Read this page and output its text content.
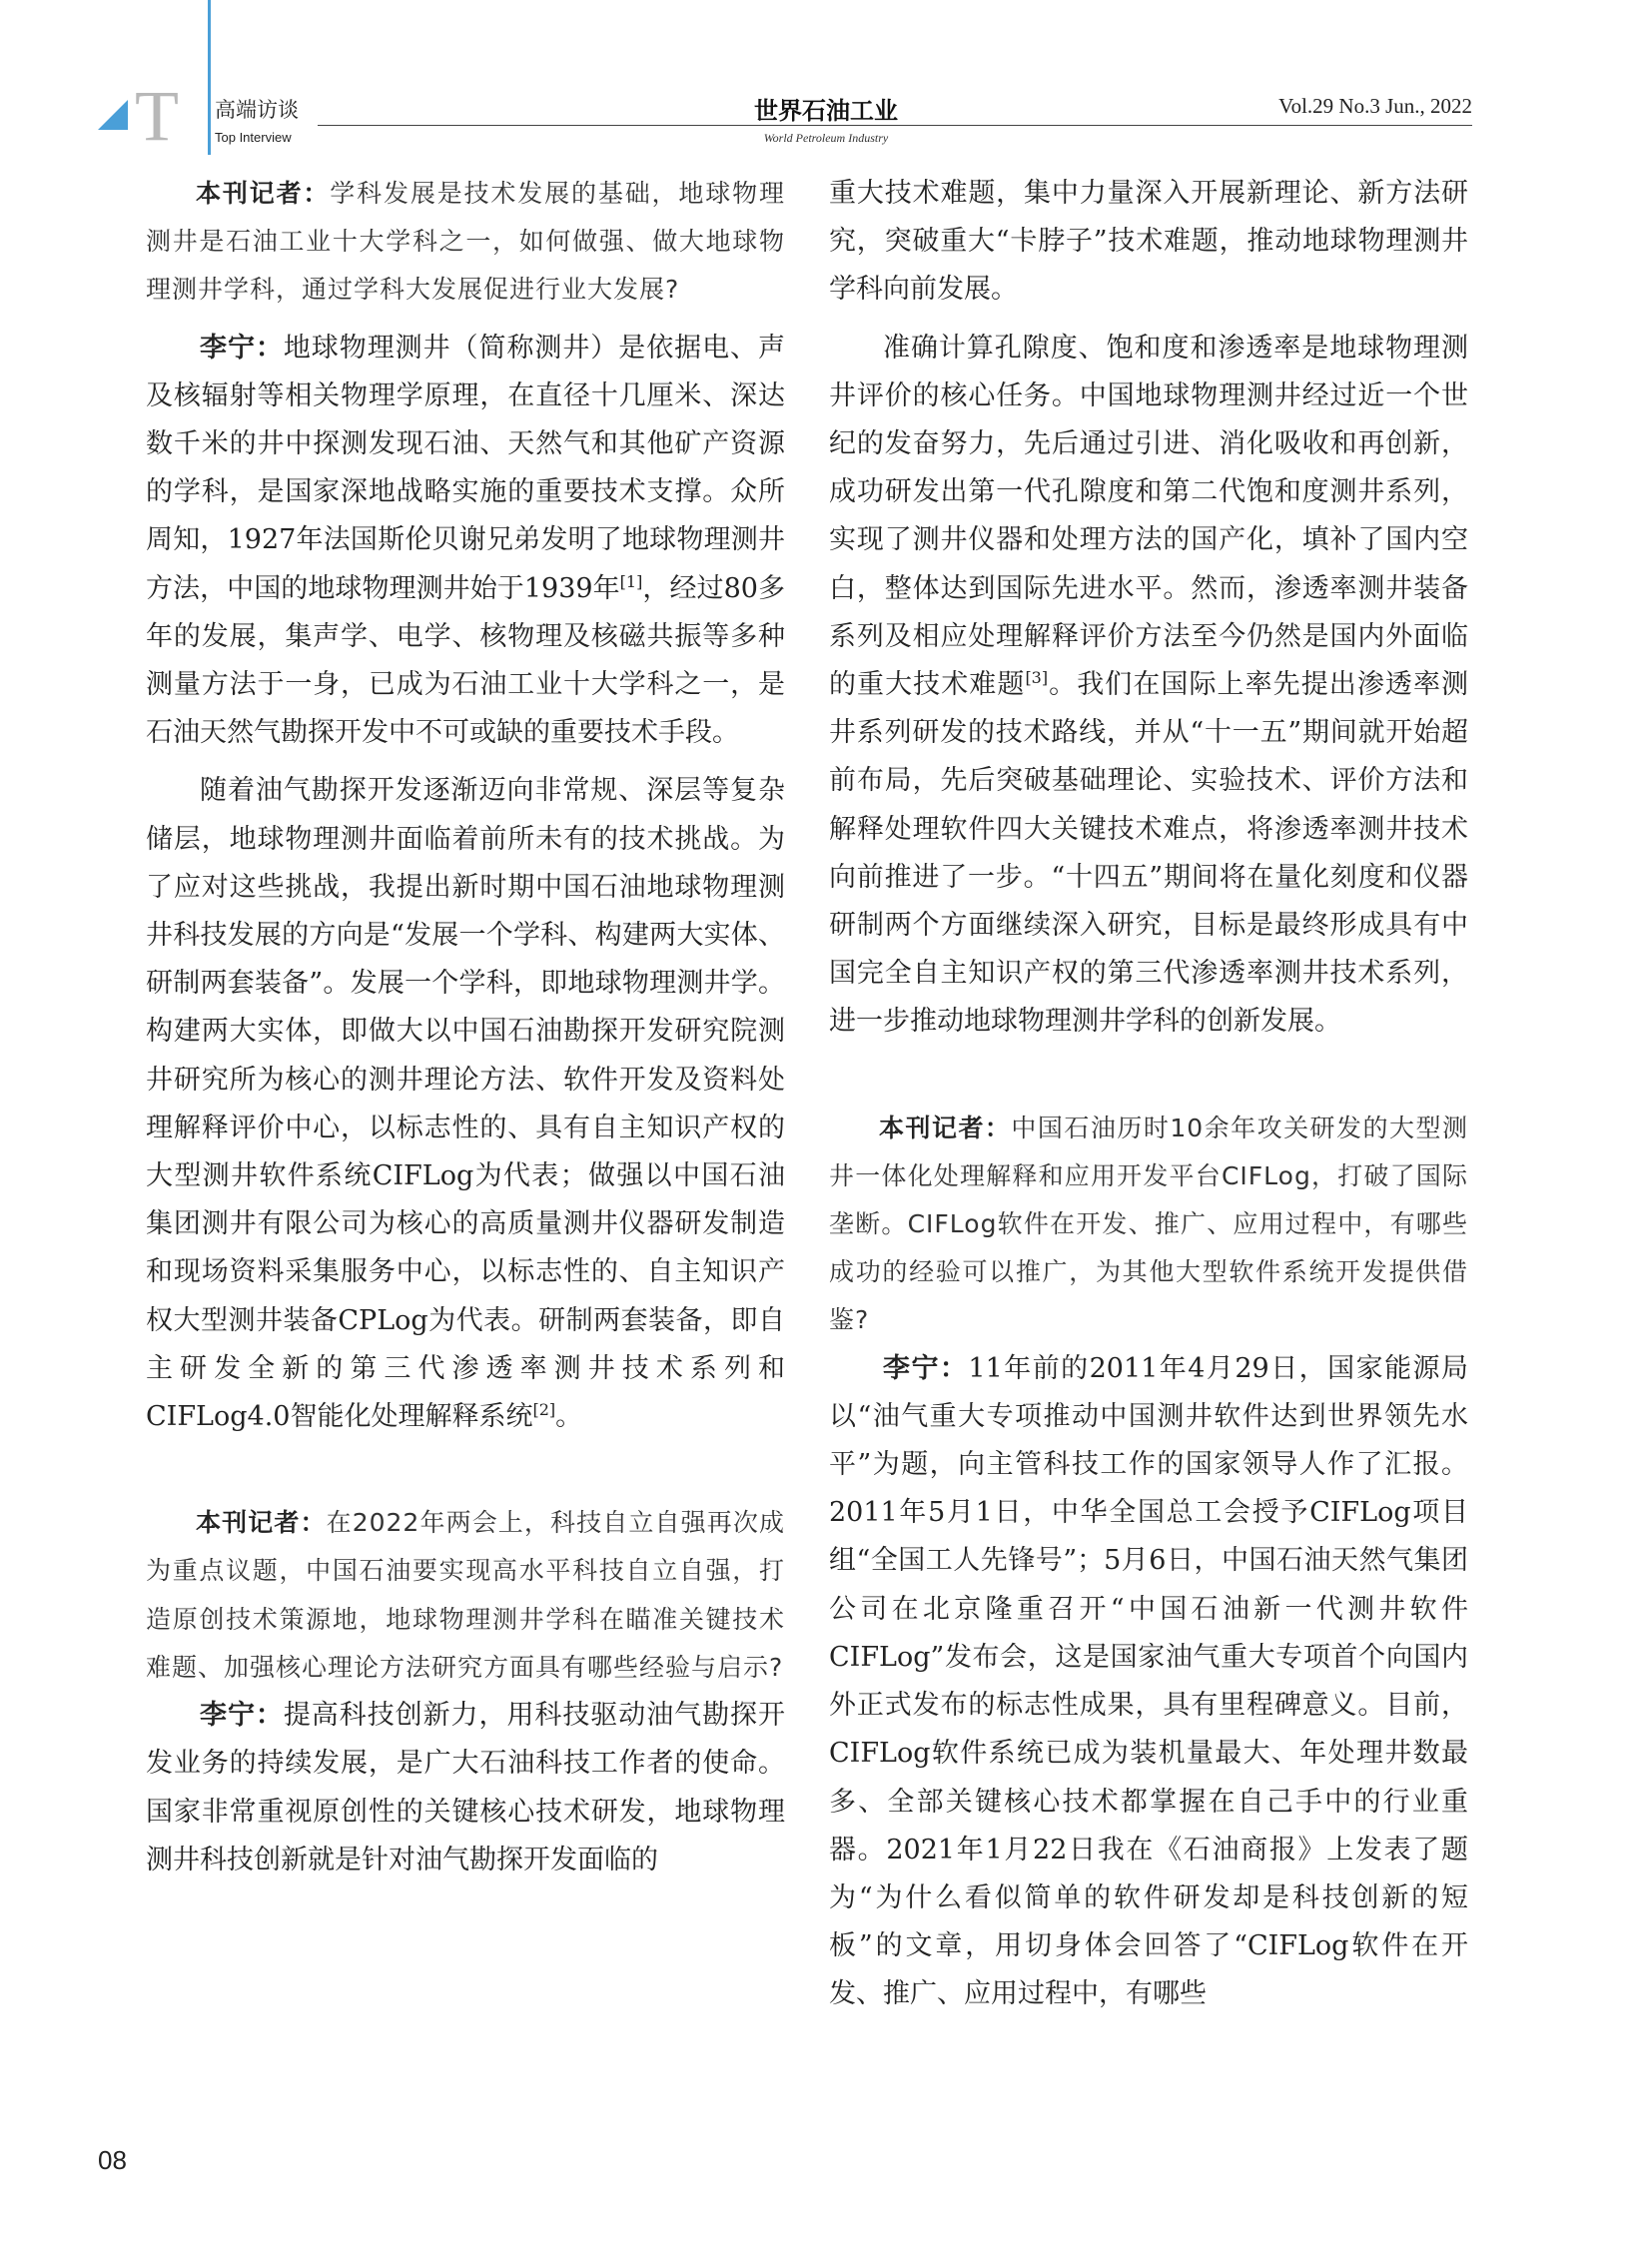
T 高端访谈
Top Interview
世界石油工业
World Petroleum Industry
Vol.29 No.3 Jun., 2022

本刊记者：学科发展是技术发展的基础，地球物理测井是石油工业十大学科之一，如何做强、做大地球物理测井学科，通过学科大发展促进行业大发展?

李宁：地球物理测井（简称测井）是依据电、声及核辐射等相关物理学原理，在直径十几厘米、深达数千米的井中探测发现石油、天然气和其他矿产资源的学科，是国家深地战略实施的重要技术支撑。众所周知，1927年法国斯伦贝谢兄弟发明了地球物理测井方法，中国的地球物理测井始于1939年[1]，经过80多年的发展，集声学、电学、核物理及核磁共振等多种测量方法于一身，已成为石油工业十大学科之一，是石油天然气勘探开发中不可或缺的重要技术手段。

随着油气勘探开发逐渐迈向非常规、深层等复杂储层，地球物理测井面临着前所未有的技术挑战。为了应对这些挑战，我提出新时期中国石油地球物理测井科技发展的方向是“发展一个学科、构建两大实体、研制两套装备”。发展一个学科，即地球物理测井学。构建两大实体，即做大以中国石油勘探开发研究院测井研究所为核心的测井理论方法、软件开发及资料处理解释评价中心，以标志性的、具有自主知识产权的大型测井软件系统CIFLog为代表；做强以中国石油集团测井有限公司为核心的高质量测井仪器研发制造和现场资料采集服务中心，以标志性的、自主知识产权大型测井装备CPLog为代表。研制两套装备，即自主研发全新的第三代渗透率测井技术系列和CIFLog4.0智能化处理解释系统[2]。

本刊记者：在2022年两会上，科技自立自强再次成为重点议题，中国石油要实现高水平科技自立自强，打造原创技术策源地，地球物理测井学科在瞄准关键技术难题、加强核心理论方法研究方面具有哪些经验与启示?

李宁：提高科技创新力，用科技驱动油气勘探开发业务的持续发展，是广大石油科技工作者的使命。国家非常重视原创性的关键核心技术研发，地球物理测井科技创新就是针对油气勘探开发面临的

重大技术难题，集中力量深入开展新理论、新方法研究，突破重大“卡脖子”技术难题，推动地球物理测井学科向前发展。

准确计算孔隙度、饱和度和渗透率是地球物理测井评价的核心任务。中国地球物理测井经过近一个世纪的发奋努力，先后通过引进、消化吸收和再创新，成功研发出第一代孔隙度和第二代饱和度测井系列，实现了测井仪器和处理方法的国产化，填补了国内空白，整体达到国际先进水平。然而，渗透率测井装备系列及相应处理解释评价方法至今仍然是国内外面临的重大技术难题[3]。我们在国际上率先提出渗透率测井系列研发的技术路线，并从“十一五”期间就开始超前布局，先后突破基础理论、实验技术、评价方法和解释处理软件四大关键技术难点，将渗透率测井技术向前推进了一步。“十四五”期间将在量化刻度和仪器研制两个方面继续深入研究，目标是最终形成具有中国完全自主知识产权的第三代渗透率测井技术系列，进一步推动地球物理测井学科的创新发展。

本刊记者：中国石油历时10余年攻关研发的大型测井一体化处理解释和应用开发平台CIFLog，打破了国际垄断。CIFLog软件在开发、推广、应用过程中，有哪些成功的经验可以推广，为其他大型软件系统开发提供借鉴?

李宁：11年前的2011年4月29日，国家能源局以“油气重大专项推动中国测井软件达到世界领先水平”为题，向主管科技工作的国家领导人作了汇报。2011年5月1日，中华全国总工会授予CIFLog项目组“全国工人先锋号”；5月6日，中国石油天然气集团公司在北京隆重召开“中国石油新一代测井软件CIFLog”发布会，这是国家油气重大专项首个向国内外正式发布的标志性成果，具有里程碑意义。目前，CIFLog软件系统已成为装机量最大、年处理井数最多、全部关键核心技术都掌握在自己手中的行业重器。2021年1月22日我在《石油商报》上发表了题为“为什么看似简单的软件研发却是科技创新的短板”的文章，用切身体会回答了“CIFLog软件在开发、推广、应用过程中，有哪些

08
